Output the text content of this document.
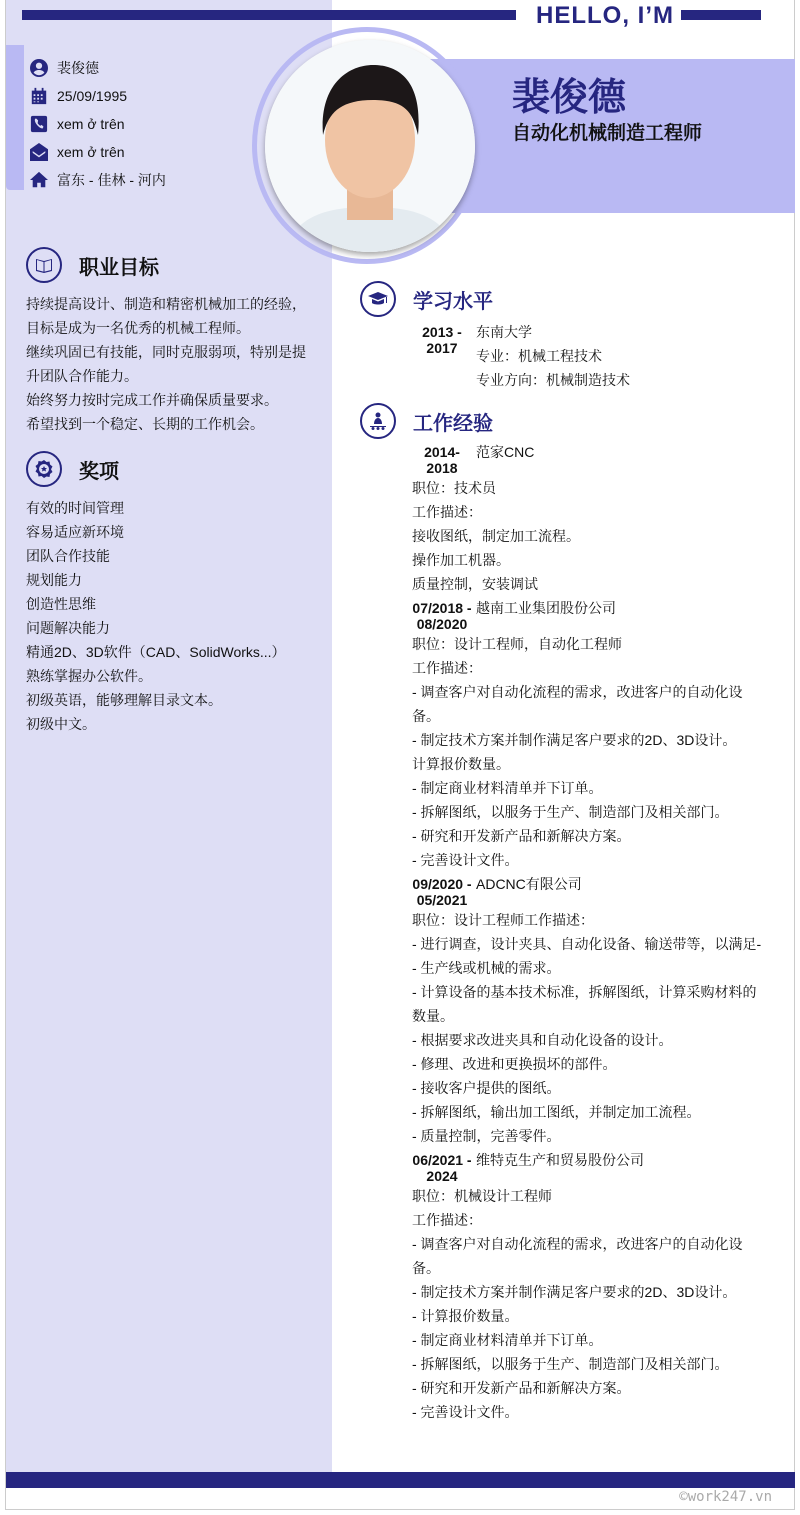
HELLO, I’M
裴俊德
25/09/1995
xem ở trên
xem ở trên
富东 - 佳林 - 河内
裴俊德
自动化机械制造工程师
职业目标

持续提高设计、制造和精密机械加工的经验，目标是成为一名优秀的机械工程师。

继续巩固已有技能，同时克服弱项，特别是提升团队合作能力。

始终努力按时完成工作并确保质量要求。

希望找到一个稳定、长期的工作机会。

奖项

有效的时间管理

容易适应新环境

团队合作技能

规划能力

创造性思维

问题解决能力

精通2D、3D软件（CAD、SolidWorks...）

熟练掌握办公软件。

初级英语，能够理解目录文本。

初级中文。

学习水平
2013 - 2017

东南大学

专业：机械工程技术

专业方向：机械制造技术

工作经验
2014- 2018
范家CNC

职位：技术员

工作描述：

接收图纸，制定加工流程。

操作加工机器。

质量控制，安装调试

07/2018 - 08/2020
越南工业集团股份公司

职位：设计工程师，自动化工程师

工作描述：

- 调查客户对自动化流程的需求，改进客户的自动化设备。

- 制定技术方案并制作满足客户要求的2D、3D设计。

计算报价数量。

- 制定商业材料清单并下订单。

- 拆解图纸，以服务于生产、制造部门及相关部门。

- 研究和开发新产品和新解决方案。

- 完善设计文件。

09/2020 - 05/2021
ADCNC有限公司

职位：设计工程师工作描述：

- 进行调查，设计夹具、自动化设备、输送带等，以满足-

- 生产线或机械的需求。

- 计算设备的基本技术标准，拆解图纸，计算采购材料的数量。

- 根据要求改进夹具和自动化设备的设计。

- 修理、改进和更换损坏的部件。

- 接收客户提供的图纸。

- 拆解图纸，输出加工图纸，并制定加工流程。

- 质量控制，完善零件。

06/2021 - 2024
维特克生产和贸易股份公司

职位：机械设计工程师

工作描述：

- 调查客户对自动化流程的需求，改进客户的自动化设备。

- 制定技术方案并制作满足客户要求的2D、3D设计。

- 计算报价数量。

- 制定商业材料清单并下订单。

- 拆解图纸，以服务于生产、制造部门及相关部门。

- 研究和开发新产品和新解决方案。

- 完善设计文件。

©work247.vn
